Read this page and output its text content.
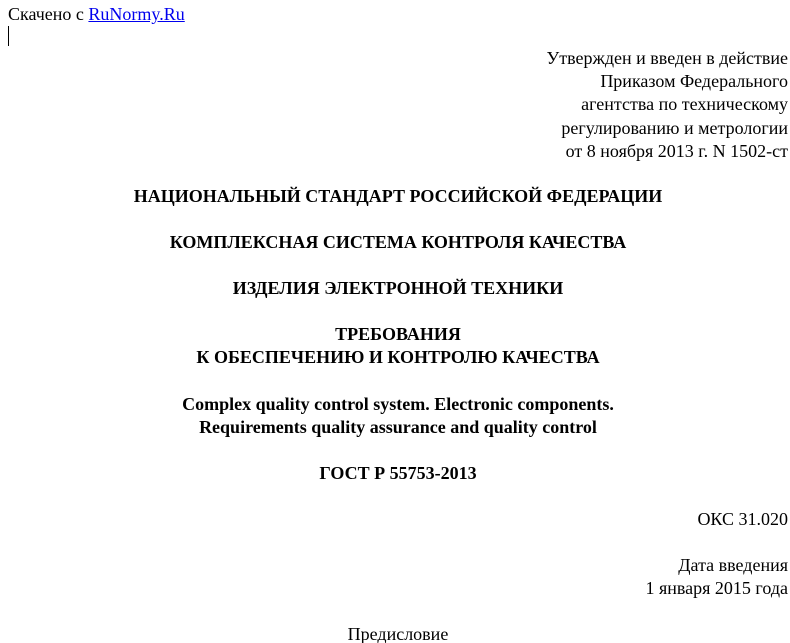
Скачено с RuNormy.Ru
Утвержден и введен в действие
Приказом Федерального
агентства по техническому
регулированию и метрологии
от 8 ноября 2013 г. N 1502-ст
НАЦИОНАЛЬНЫЙ СТАНДАРТ РОССИЙСКОЙ ФЕДЕРАЦИИ
КОМПЛЕКСНАЯ СИСТЕМА КОНТРОЛЯ КАЧЕСТВА
ИЗДЕЛИЯ ЭЛЕКТРОННОЙ ТЕХНИКИ
ТРЕБОВАНИЯ
К ОБЕСПЕЧЕНИЮ И КОНТРОЛЮ КАЧЕСТВА
Complex quality control system. Electronic components.
Requirements quality assurance and quality control
ГОСТ Р 55753-2013
ОКС 31.020
Дата введения
1 января 2015 года
Предисловие
